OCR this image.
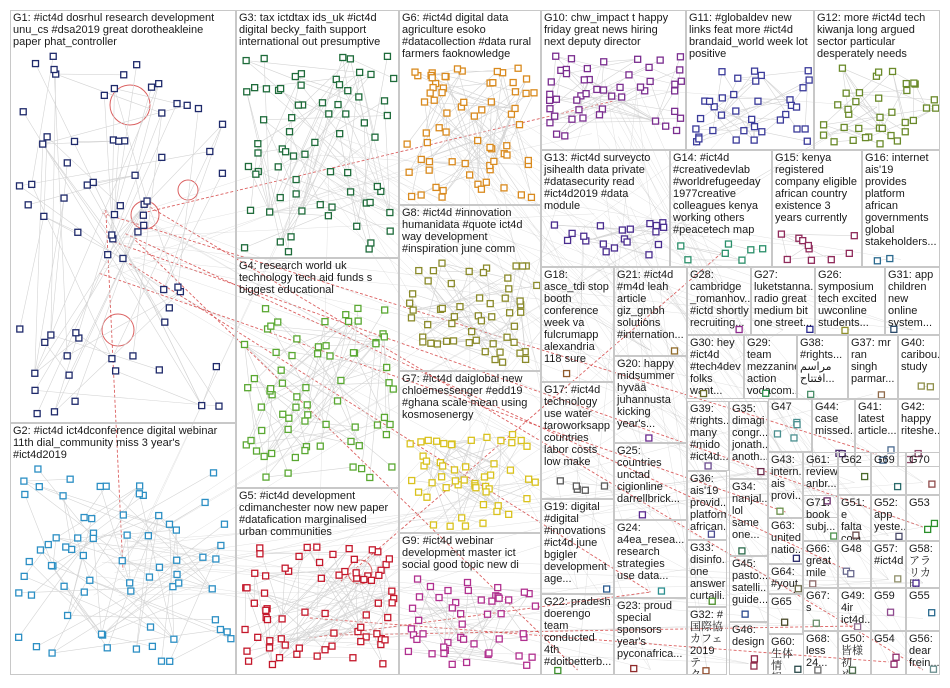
G1: #ict4d dosrhul research development
unu_cs #dsa2019 great dorotheakleine
paper phat_controller
G2: #ict4d ict4dconference digital webinar
11th dial_community miss 3 year's
#ict4d2019
G3: tax ictdtax ids_uk #ict4d
digital becky_faith support
international out presumptive
G4: research world uk
technology tech aid funds s
biggest educational
G5: #ict4d development
cdimanchester now new paper
#datafication marginalised
urban communities
G6: #ict4d digital data
agriculture esoko
#datacollection #data rural
farmers faoknowledge
G7: #ict4d daiglobal new
chloemessenger #edd19
#ghana scale mean using
kosmosenergy
G8: #ict4d #innovation
humanidata #quote ict4d
way development
#inspiration june comm
G9: #ict4d webinar
development master ict
social good topic new di
G10: chw_impact t happy
friday great news hiring
next deputy director
G11: #globaldev new
links feat more #ict4d
brandaid_world week lot
positive
G12: more #ict4d tech
kiwanja long argued
sector particular
desperately needs
G13: #ict4d surveycto
jsihealth data private
#datasecurity read
#ict4d2019 #data
module
G14: #ict4d
#creativedevlab
#worldrefugeeday
1977creative
colleagues kenya
working others
#peacetech map
G15: kenya
registered
company eligible
african country
existence 3
years currently
G16: internet
ais'19
provides
platform
african
governments
global
stakeholders...
G17: #ict4d
technology
use water
taroworksapp
countries
labor costs
low make
G18:
asce_tdi stop
booth
conference
week va
fulcrumapp
alexandria
118 sure
G19: digital
#digital
#innovations
#ict4d june
bgigler
development
age...
G20: happy
midsummer
hyvää
juhannusta
kicking
year's...
G21: #ict4d
#m4d leah
article
giz_gmbh
solutions
#internation...
G22: pradesh
doerengo
team
conducted
4th
#doitbetterb...
G23: proud
special
sponsors
year's
pyconafrica...
G24:
a4ea_resea...
research
strategies
use data...
G25:
countries
unctad
cigionline
darrellbrick...
G26:
symposium
tech excited
uwconline
students...
G27:
luketstanna...
radio great
medium bit
one street...
G28:
cambridge
_romanhov...
#ictd shortly
recruiting...
G29: team
mezzanine
action
vodacom...
G30: hey
#ict4d
#tech4dev
folks
G31: app
children
new
online
system...
G32: #
国際協
カフェ
2019 テ
ク
G33:
disinfo...
one
answer
curtaili...
G34:
nanjal...
lol
same
one...
G35:
dimagi
congr...
jonath...
anoth...
G36:
ais'19
provid...
platform
african.
G37: mr
ran
singh
parmar...
G38:
#rights...
مراسم
افتتاح...
G39:
#rights...
many
#mido
#ict4d...
G40:
caribou.
study
G41:
latest
article...
G42:
happy
riteshe...
G43:
intern.
ais
provi...
G44:
case
missed...
G45:
pasto...
satelli...
guide...
G46:
design
G47
G48
G49:
4ir
ict4d...
G50:
皆様
初め...
G51:
e falta

G52:
app
yeste...
G53
G54
G55
G56:
dear
frein...
G57:
#ict4d
G58:
アラリカ

G59
G60:
生体情

G61:
review
anbr...
G62
G63:
united
natio...
G64:
#yout.

G65
G66:
great
mile
G67:
s
G68:
less
24...
G69	G70
G71:
book
subj...
